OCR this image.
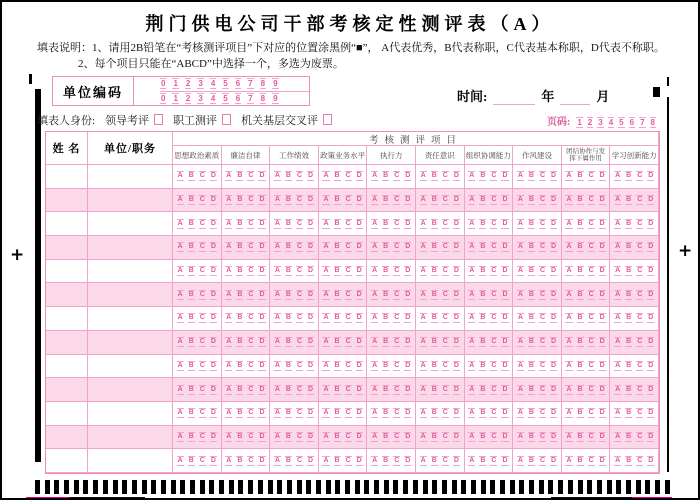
荆门供电公司干部考核定性测评表（A）
填表说明：1、请用2B铅笔在“考核测评项目”下对应的位置涂黑例“■”， A代表优秀，B代表称职，C代表基本称职，D代表不称职。
2、每个项目只能在“ABCD”中选择一个，多选为废票。
+	+
单位编码
0 1 2 3 4 5 6 7 8 9
0 1 2 3 4 5 6 7 8 9	时间:	年	月
填表人身份: 领导考评 职工测评 机关基层交叉评	页码: 1 2 3 4 5 6 7 8
姓 名	单位/职务
考核测评项目
思想政治素质	廉洁自律	工作绩效	政策业务水平	执行力	责任意识	组织协调能力	作风建设	团结协作与发挥下属作用	学习创新能力
A B C D A B C D A B C D A B C D A B C D A B C D A B C D A B C D A B C D A B C D
A B C D A B C D A B C D A B C D A B C D A B C D A B C D A B C D A B C D A B C D
A B C D A B C D A B C D A B C D A B C D A B C D A B C D A B C D A B C D A B C D
A B C D A B C D A B C D A B C D A B C D A B C D A B C D A B C D A B C D A B C D
A B C D A B C D A B C D A B C D A B C D A B C D A B C D A B C D A B C D A B C D
A B C D A B C D A B C D A B C D A B C D A B C D A B C D A B C D A B C D A B C D
A B C D A B C D A B C D A B C D A B C D A B C D A B C D A B C D A B C D A B C D
A B C D A B C D A B C D A B C D A B C D A B C D A B C D A B C D A B C D A B C D
A B C D A B C D A B C D A B C D A B C D A B C D A B C D A B C D A B C D A B C D
A B C D A B C D A B C D A B C D A B C D A B C D A B C D A B C D A B C D A B C D
A B C D A B C D A B C D A B C D A B C D A B C D A B C D A B C D A B C D A B C D
A B C D A B C D A B C D A B C D A B C D A B C D A B C D A B C D A B C D A B C D
A B C D A B C D A B C D A B C D A B C D A B C D A B C D A B C D A B C D A B C D
